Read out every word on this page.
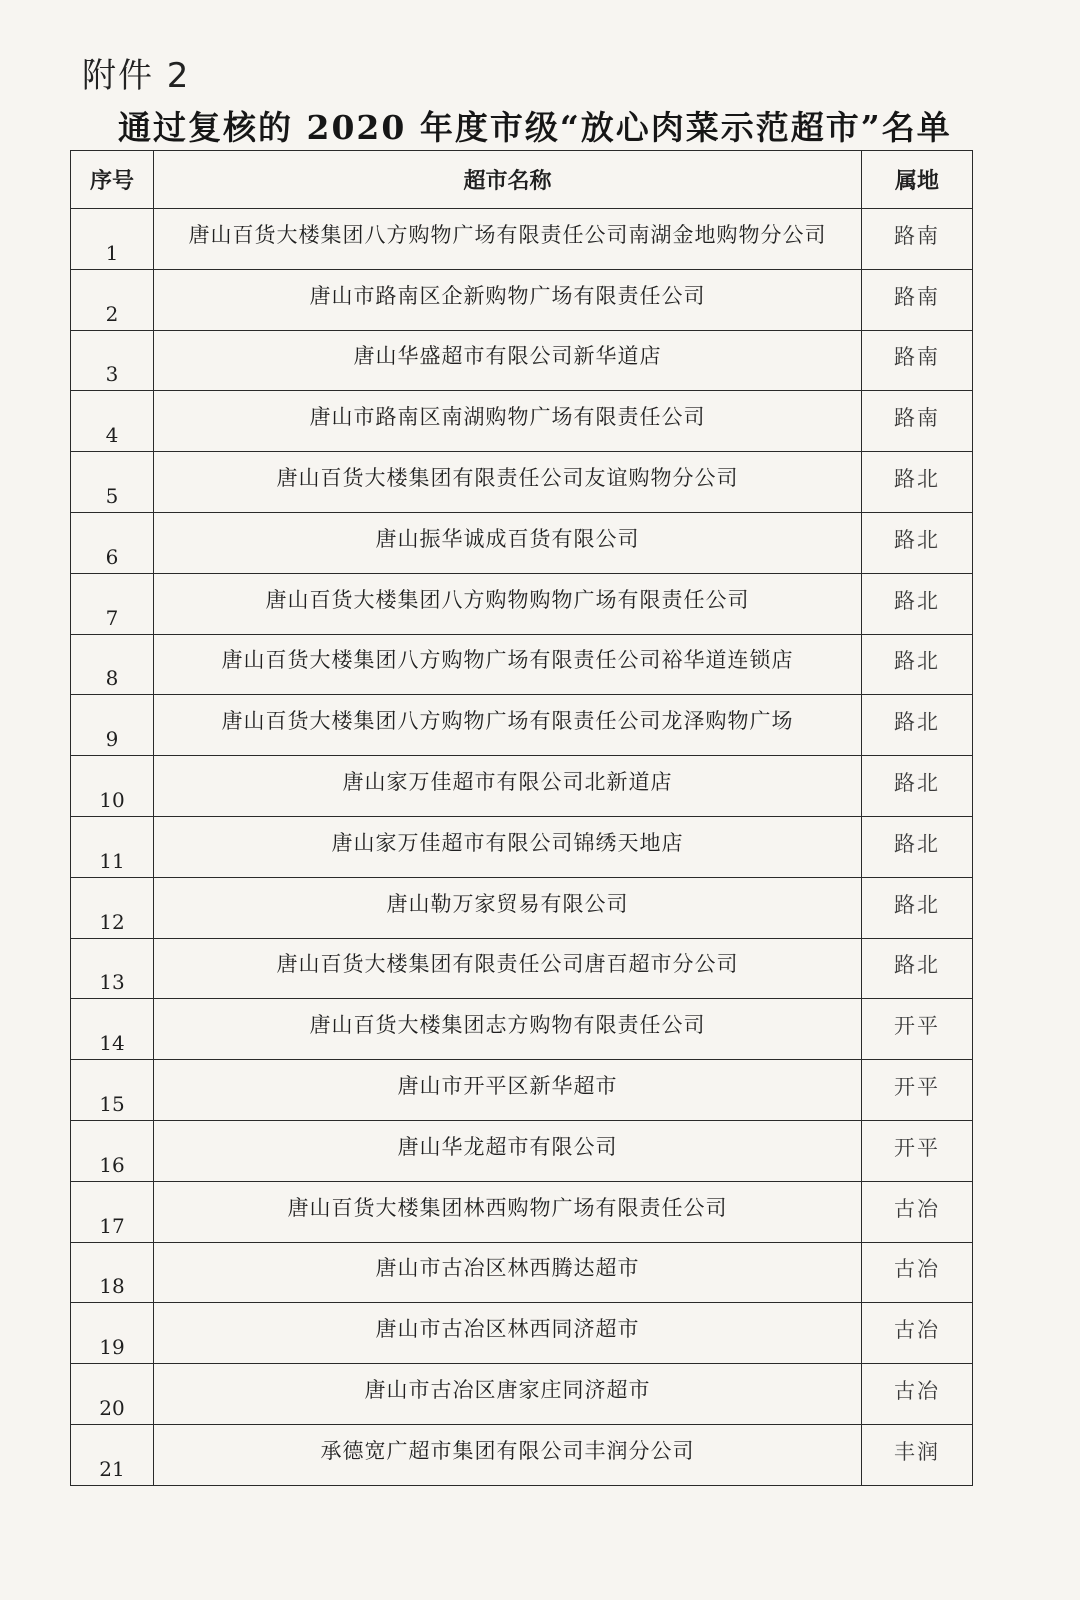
附件 2
通过复核的 2020 年度市级“放心肉菜示范超市”名单
序号	超市名称	属地
1	唐山百货大楼集团八方购物广场有限责任公司南湖金地购物分公司	路南
2	唐山市路南区企新购物广场有限责任公司	路南
3	唐山华盛超市有限公司新华道店	路南
4	唐山市路南区南湖购物广场有限责任公司	路南
5	唐山百货大楼集团有限责任公司友谊购物分公司	路北
6	唐山振华诚成百货有限公司	路北
7	唐山百货大楼集团八方购物购物广场有限责任公司	路北
8	唐山百货大楼集团八方购物广场有限责任公司裕华道连锁店	路北
9	唐山百货大楼集团八方购物广场有限责任公司龙泽购物广场	路北
10	唐山家万佳超市有限公司北新道店	路北
11	唐山家万佳超市有限公司锦绣天地店	路北
12	唐山勒万家贸易有限公司	路北
13	唐山百货大楼集团有限责任公司唐百超市分公司	路北
14	唐山百货大楼集团志方购物有限责任公司	开平
15	唐山市开平区新华超市	开平
16	唐山华龙超市有限公司	开平
17	唐山百货大楼集团林西购物广场有限责任公司	古冶
18	唐山市古冶区林西腾达超市	古冶
19	唐山市古冶区林西同济超市	古冶
20	唐山市古冶区唐家庄同济超市	古冶
21	承德宽广超市集团有限公司丰润分公司	丰润
